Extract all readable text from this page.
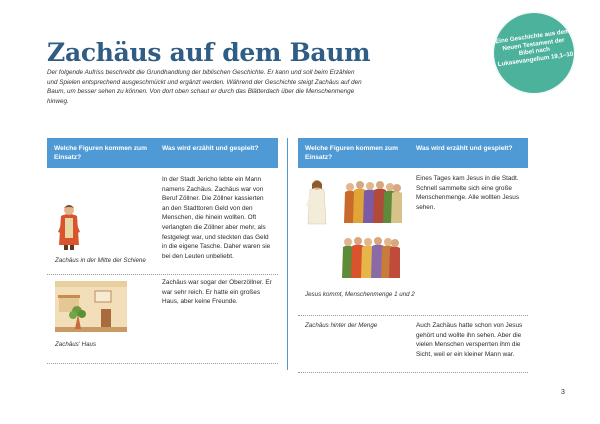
Zachäus auf dem Baum
Der folgende Aufriss beschreibt die Grundhandlung der biblischen Geschichte. Er kann und soll beim Erzählen und Spielen entsprechend ausgeschmückt und ergänzt werden. Während der Geschichte steigt Zachäus auf den Baum, um besser sehen zu können. Von dort oben schaut er durch das Blätterdach über die Menschenmenge hinweg.
Eine Geschichte aus dem Neuen Testament der Bibel nach Lukasevangelium 19,1–10
Welche Figuren kommen zum Einsatz?
Was wird erzählt und gespielt?
Zachäus in der Mitte der Schiene
In der Stadt Jericho lebte ein Mann namens Zachäus. Zachäus war von Beruf Zöllner. Die Zöllner kassierten an den Stadttoren Geld von den Menschen, die hinein wollten. Oft verlangten die Zöllner aber mehr, als festgelegt war, und steckten das Geld in die eigene Tasche. Daher waren sie bei den Leuten unbeliebt.
Zachäus' Haus
Zachäus war sogar der Oberzöllner. Er war sehr reich. Er hatte ein großes Haus, aber keine Freunde.
Welche Figuren kommen zum Einsatz?
Was wird erzählt und gespielt?
Jesus kommt, Menschenmenge 1 und 2
Eines Tages kam Jesus in die Stadt. Schnell sammelte sich eine große Menschenmenge. Alle wollten Jesus sehen.
Zachäus hinter der Menge	Auch Zachäus hatte schon von Jesus gehört und wollte ihn sehen. Aber die vielen Menschen versperrten ihm die Sicht, weil er ein kleiner Mann war.
3
